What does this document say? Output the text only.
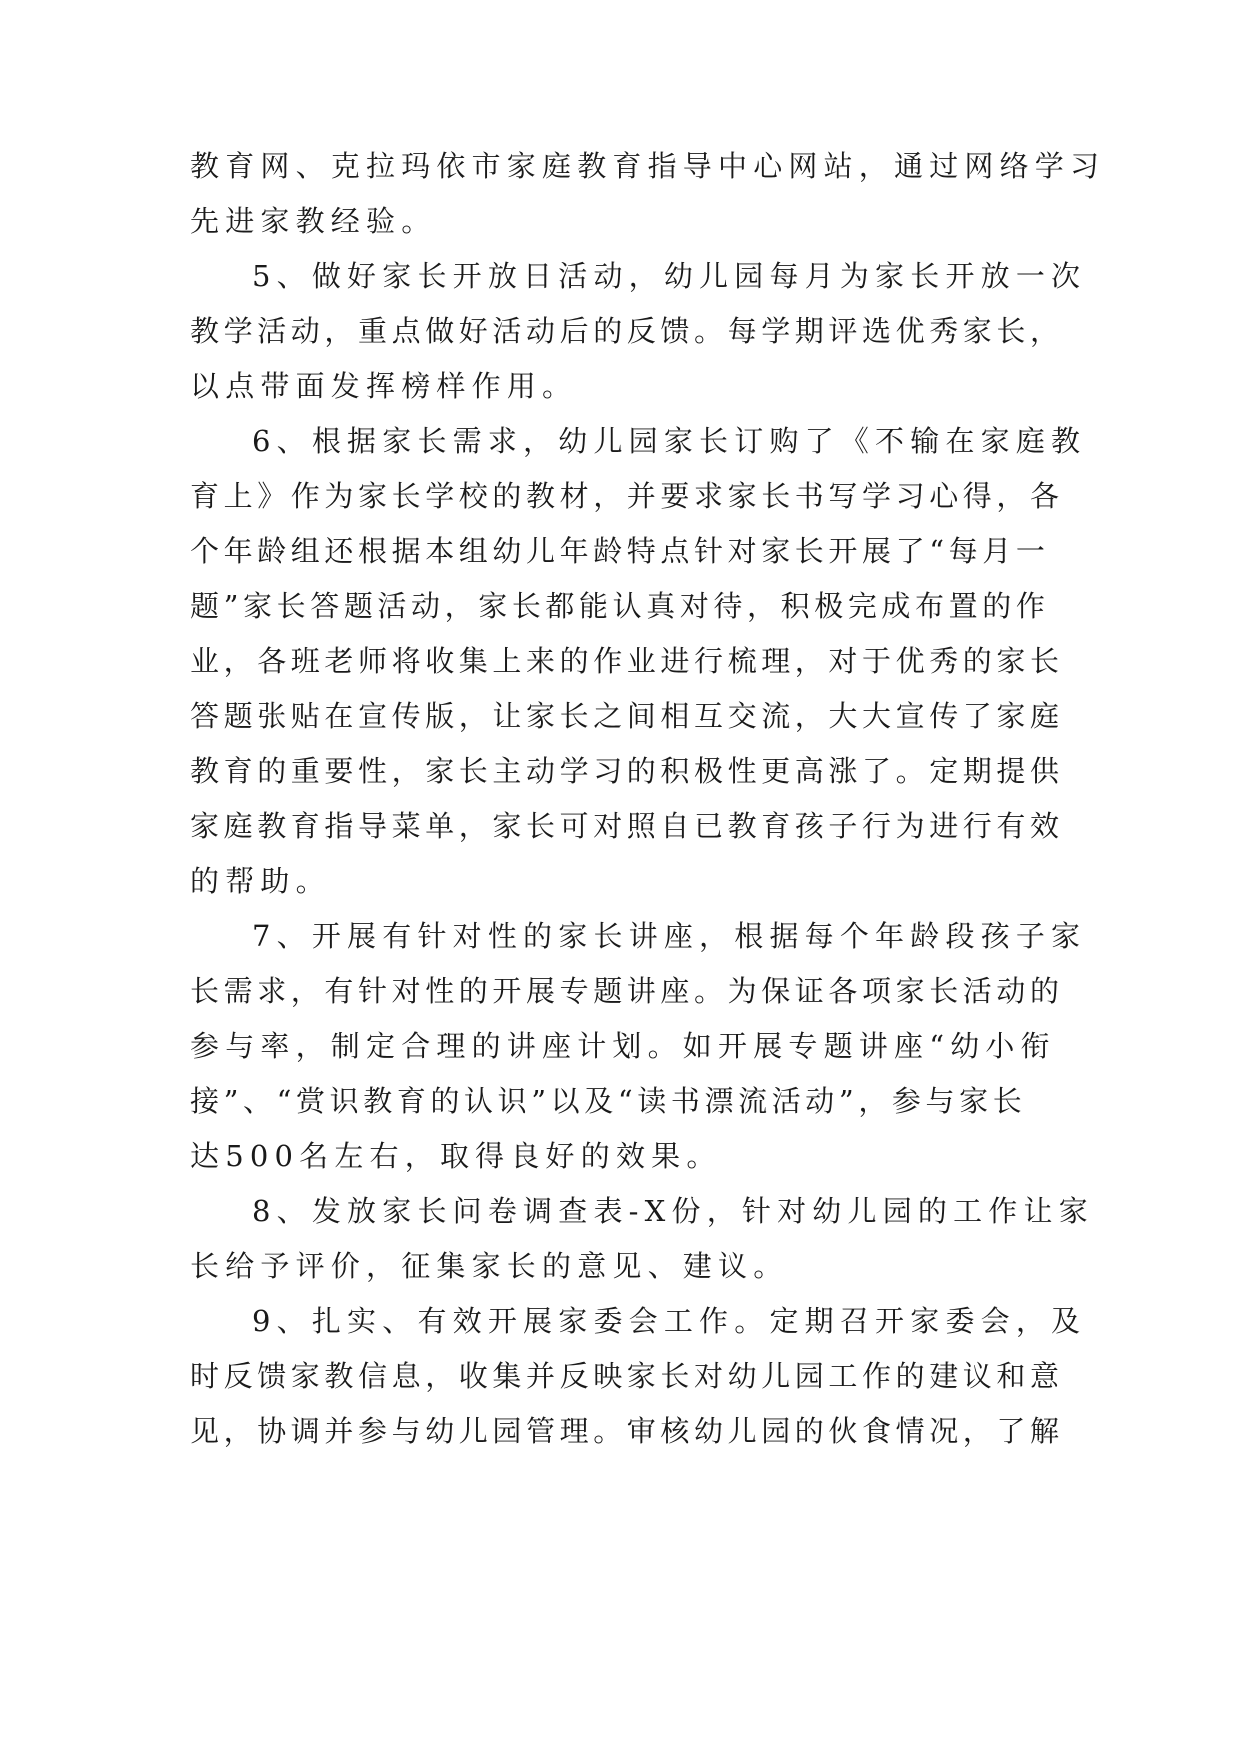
教育网、克拉玛依市家庭教育指导中心网站，通过网络学习

先进家教经验。

5、做好家长开放日活动，幼儿园每月为家长开放一次

教学活动，重点做好活动后的反馈。每学期评选优秀家长，

以点带面发挥榜样作用。

6、根据家长需求，幼儿园家长订购了《不输在家庭教

育上》作为家长学校的教材，并要求家长书写学习心得，各

个年龄组还根据本组幼儿年龄特点针对家长开展了“每月一

题”家长答题活动，家长都能认真对待，积极完成布置的作

业，各班老师将收集上来的作业进行梳理，对于优秀的家长

答题张贴在宣传版，让家长之间相互交流，大大宣传了家庭

教育的重要性，家长主动学习的积极性更高涨了。定期提供

家庭教育指导菜单，家长可对照自已教育孩子行为进行有效

的帮助。

7、开展有针对性的家长讲座，根据每个年龄段孩子家

长需求，有针对性的开展专题讲座。为保证各项家长活动的

参与率，制定合理的讲座计划。如开展专题讲座“幼小衔

接”、“赏识教育的认识”以及“读书漂流活动”，参与家长

达500名左右，取得良好的效果。

8、发放家长问卷调查表-X份，针对幼儿园的工作让家

长给予评价，征集家长的意见、建议。

9、扎实、有效开展家委会工作。定期召开家委会，及

时反馈家教信息，收集并反映家长对幼儿园工作的建议和意

见，协调并参与幼儿园管理。审核幼儿园的伙食情况，了解
